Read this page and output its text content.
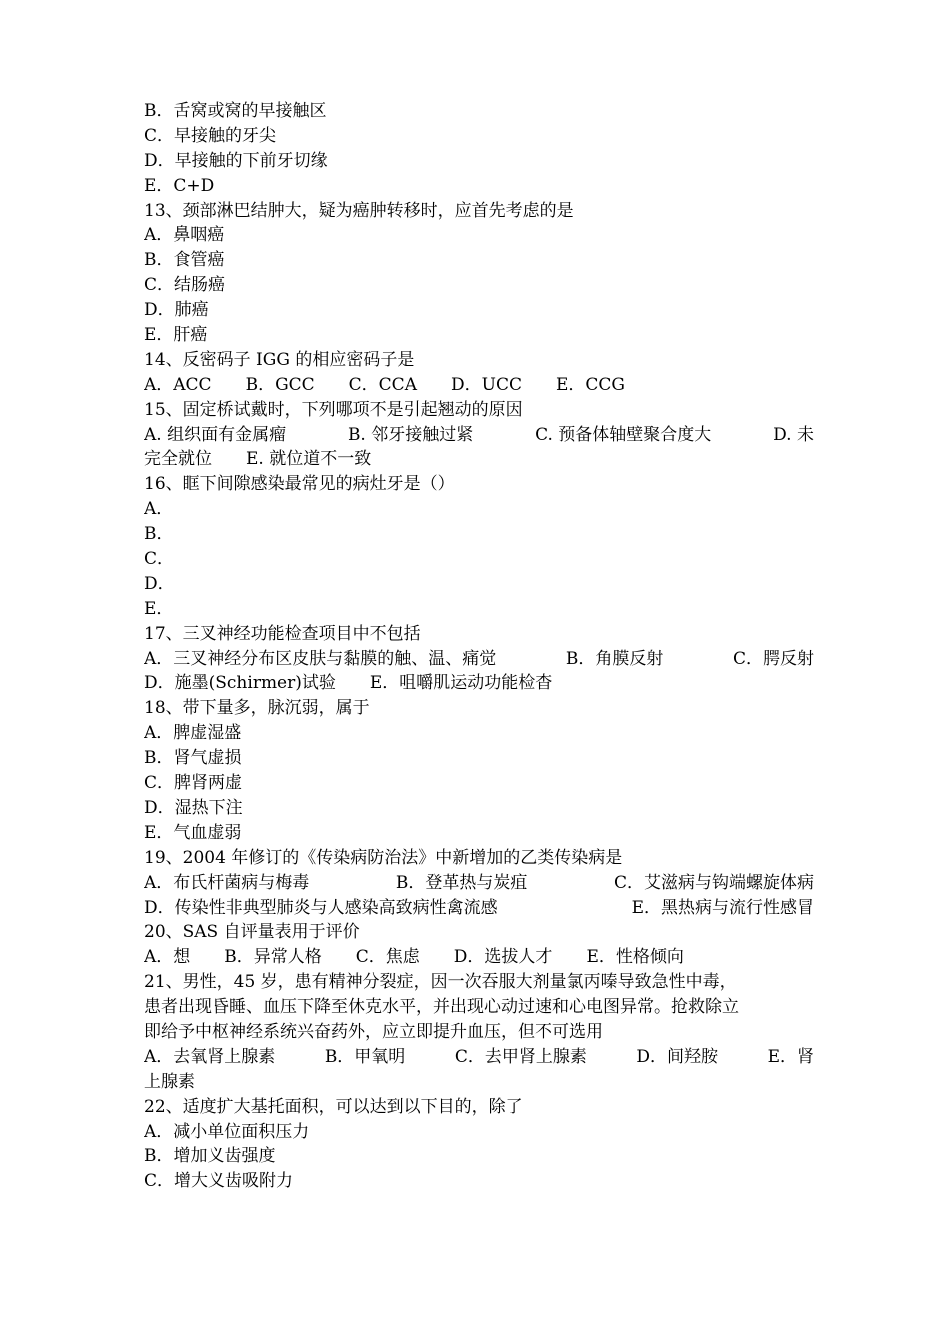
B．舌窝或窝的早接触区
C．早接触的牙尖
D．早接触的下前牙切缘
E．C+D
13、颈部淋巴结肿大，疑为癌肿转移时，应首先考虑的是
A．鼻咽癌
B．食管癌
C．结肠癌
D．肺癌
E．肝癌
14、反密码子 IGG 的相应密码子是
A．ACC B．GCC C．CCA D．UCC E．CCG
15、固定桥试戴时，下列哪项不是引起翘动的原因
A. 组织面有金属瘤	B. 邻牙接触过紧	C. 预备体轴壁聚合度大	D. 未
完全就位 E. 就位道不一致
16、眶下间隙感染最常见的病灶牙是（）
A．
B．
C．
D．
E．
17、三叉神经功能检查项目中不包括
A．三叉神经分布区皮肤与黏膜的触、温、痛觉	B．角膜反射	C．腭反射
D．施墨(Schirmer)试验 E．咀嚼肌运动功能检杳
18、带下量多，脉沉弱，属于
A．脾虚湿盛
B．肾气虚损
C．脾肾两虚
D．湿热下注
E．气血虚弱
19、2004 年修订的《传染病防治法》中新增加的乙类传染病是
A．布氏杆菌病与梅毒	B．登革热与炭疽	C．艾滋病与钩端螺旋体病
D．传染性非典型肺炎与人感染高致病性禽流感	E．黑热病与流行性感冒
20、SAS 自评量表用于评价
A．想 B．异常人格 C．焦虑 D．选拔人才 E．性格倾向
21、男性，45 岁，患有精神分裂症，因一次吞服大剂量氯丙嗪导致急性中毒，
患者出现昏睡、血压下降至休克水平，并出现心动过速和心电图异常。抢救除立
即给予中枢神经系统兴奋药外，应立即提升血压，但不可选用
A．去氧肾上腺素	B．甲氧明	C．去甲肾上腺素	D．间羟胺	E．肾
上腺素
22、适度扩大基托面积，可以达到以下目的，除了
A．减小单位面积压力
B．增加义齿强度
C．增大义齿吸附力
